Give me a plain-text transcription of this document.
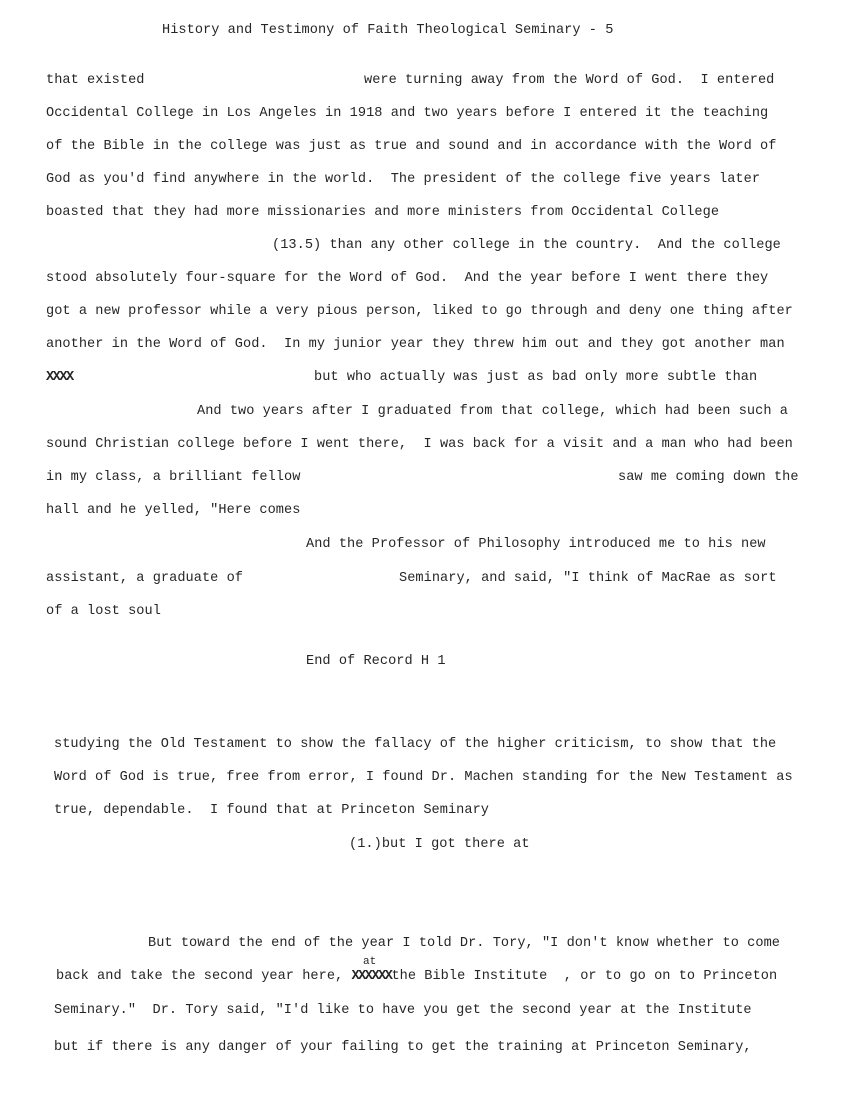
History and Testimony of Faith Theological Seminary - 5
that existed	were turning away from the Word of God.  I entered
Occidental College in Los Angeles in 1918 and two years before I entered it the teaching
of the Bible in the college was just as true and sound and in accordance with the Word of
God as you'd find anywhere in the world.  The president of the college five years later
boasted that they had more missionaries and more ministers from Occidental College
(13.5) than any other college in the country.  And the college
stood absolutely four-square for the Word of God.  And the year before I went there they
got a new professor while a very pious person, liked to go through and deny one thing after
another in the Word of God.  In my junior year they threw him out and they got another man
XXXX	but who actually was just as bad only more subtle than
And two years after I graduated from that college, which had been such a
sound Christian college before I went there,  I was back for a visit and a man who had been
in my class, a brilliant fellow	saw me coming down the
hall and he yelled, "Here comes
And the Professor of Philosophy introduced me to his new
assistant, a graduate of	Seminary, and said, "I think of MacRae as sort
of a lost soul
End of Record H 1
studying the Old Testament to show the fallacy of the higher criticism, to show that the
Word of God is true, free from error, I found Dr. Machen standing for the New Testament as
true, dependable.  I found that at Princeton Seminary
(1.)but I got there at
But toward the end of the year I told Dr. Tory, "I don't know whether to come
at
back and take the second year here, XXXXXXthe Bible Institute  , or to go on to Princeton
Seminary."  Dr. Tory said, "I'd like to have you get the second year at the Institute
but if there is any danger of your failing to get the training at Princeton Seminary,
